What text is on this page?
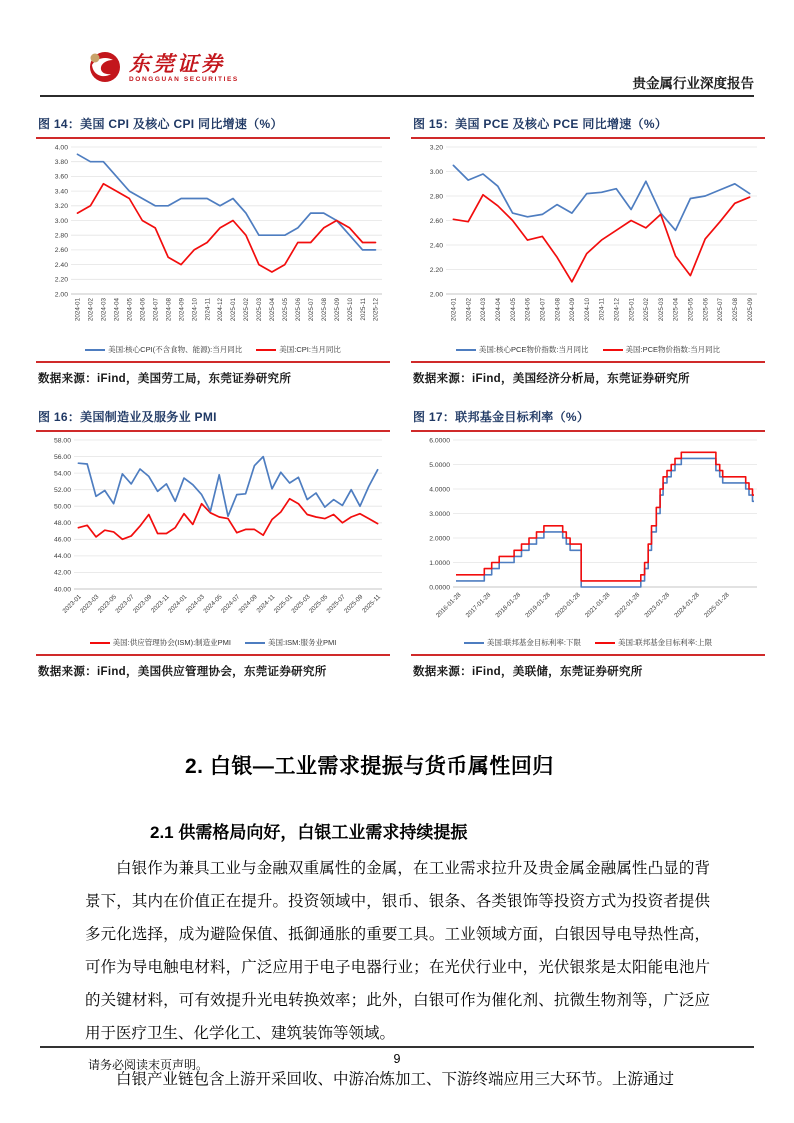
东莞证券
DONGGUAN SECURITIES	贵金属行业深度报告
图 14：美国 CPI 及核心 CPI 同比增速（%）
2.00
2.20
2.40
2.60
2.80
3.00
3.20
3.40
3.60
3.80
4.00
2024-01 2024-02 2024-03 2024-04 2024-05 2024-06 2024-07 2024-08 2024-09 2024-10 2024-11 2024-12 2025-01 2025-02 2025-03 2025-04 2025-05 2025-06 2025-07 2025-08 2025-09 2025-10 2025-11 2025-12
美国:核心CPI(不含食物、能源):当月同比	美国:CPI:当月同比
数据来源：iFind，美国劳工局，东莞证券研究所
图 15：美国 PCE 及核心 PCE 同比增速（%）
2.00
2.20
2.40
2.60
2.80
3.00
3.20
2024-01 2024-02 2024-03 2024-04 2024-05 2024-06 2024-07 2024-08 2024-09 2024-10 2024-11 2024-12 2025-01 2025-02 2025-03 2025-04 2025-05 2025-06 2025-07 2025-08 2025-09
美国:核心PCE物价指数:当月同比	美国:PCE物价指数:当月同比
数据来源：iFind，美国经济分析局，东莞证券研究所
图 16：美国制造业及服务业 PMI
40.00
42.00
44.00
46.00
48.00
50.00
52.00
54.00
56.00
58.00
2023-01
2023-03
2023-05
2023-07
2023-09
2023-11
2024-01
2024-03
2024-05
2024-07
2024-09
2024-11
2025-01
2025-03
2025-05
2025-07
2025-09
2025-11
美国:供应管理协会(ISM):制造业PMI	美国:ISM:服务业PMI
数据来源：iFind，美国供应管理协会，东莞证券研究所
图 17：联邦基金目标利率（%）
0.0000
1.0000
2.0000
3.0000
4.0000
5.0000
6.0000
2016-01-28 2017-01-28 2018-01-28 2019-01-28 2020-01-28 2021-01-28 2022-01-28 2023-01-28 2024-01-28 2025-01-28
美国:联邦基金目标利率:下限	美国:联邦基金目标利率:上限
数据来源：iFind，美联储，东莞证券研究所
2. 白银—工业需求提振与货币属性回归
2.1 供需格局向好，白银工业需求持续提振

白银作为兼具工业与金融双重属性的金属，在工业需求拉升及贵金属金融属性凸显的背景下，其内在价值正在提升。投资领域中，银币、银条、各类银饰等投资方式为投资者提供多元化选择，成为避险保值、抵御通胀的重要工具。工业领域方面，白银因导电导热性高，可作为导电触电材料，广泛应用于电子电器行业；在光伏行业中，光伏银浆是太阳能电池片的关键材料，可有效提升光电转换效率；此外，白银可作为催化剂、抗微生物剂等，广泛应用于医疗卫生、化学化工、建筑装饰等领域。

白银产业链包含上游开采回收、中游冶炼加工、下游终端应用三大环节。上游通过

请务必阅读末页声明。	9
